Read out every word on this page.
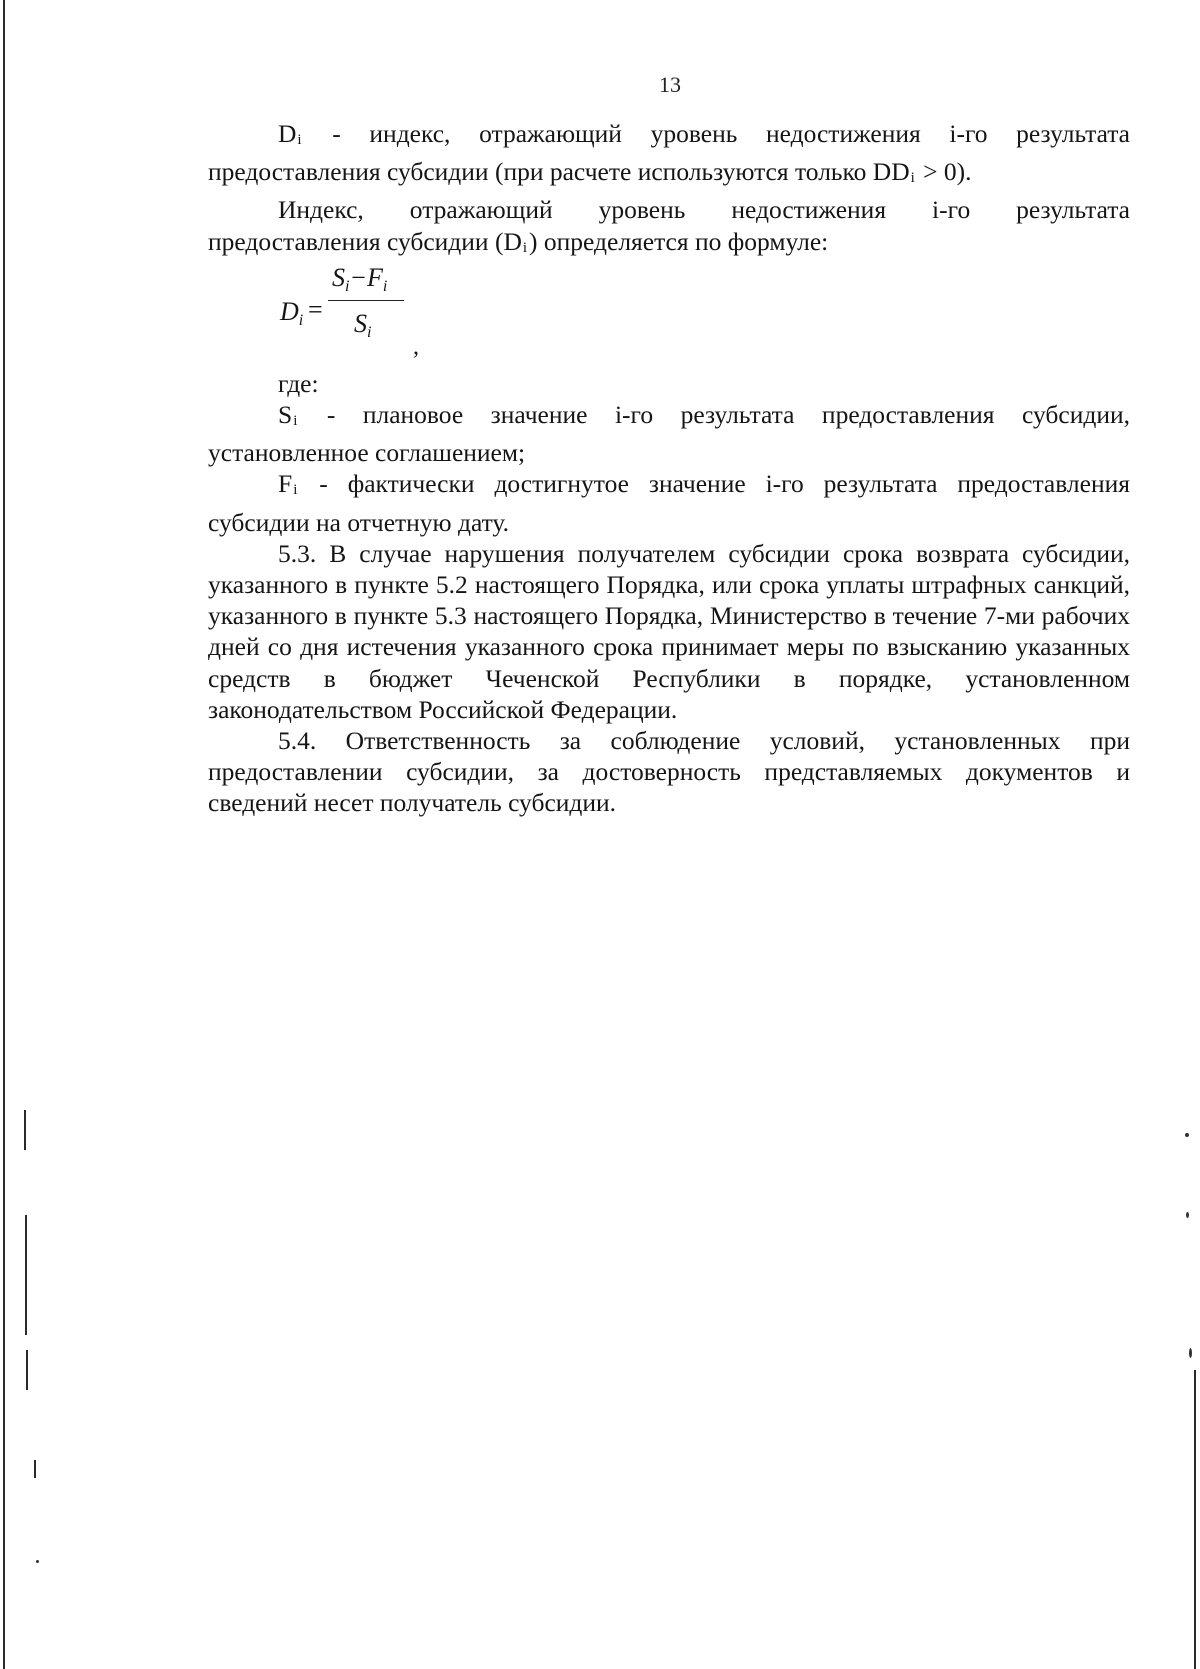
13

Di - индекс, отражающий уровень недостижения i-го результата предоставления субсидии (при расчете используются только DDi > 0).

Индекс, отражающий уровень недостижения i-го результата

предоставления субсидии (Di) определяется по формуле:

Di =
Si−Fi
Si
,

где:

Si - плановое значение i-го результата предоставления субсидии, установленное соглашением;

Fi - фактически достигнутое значение i-го результата предоставления субсидии на отчетную дату.

5.3. В случае нарушения получателем субсидии срока возврата субсидии, указанного в пункте 5.2 настоящего Порядка, или срока уплаты штрафных санкций, указанного в пункте 5.3 настоящего Порядка, Министерство в течение 7-ми рабочих дней со дня истечения указанного срока принимает меры по взысканию указанных средств в бюджет Чеченской Республики в порядке, установленном законодательством Российской Федерации.

5.4. Ответственность за соблюдение условий, установленных при предоставлении субсидии, за достоверность представляемых документов и сведений несет получатель субсидии.
